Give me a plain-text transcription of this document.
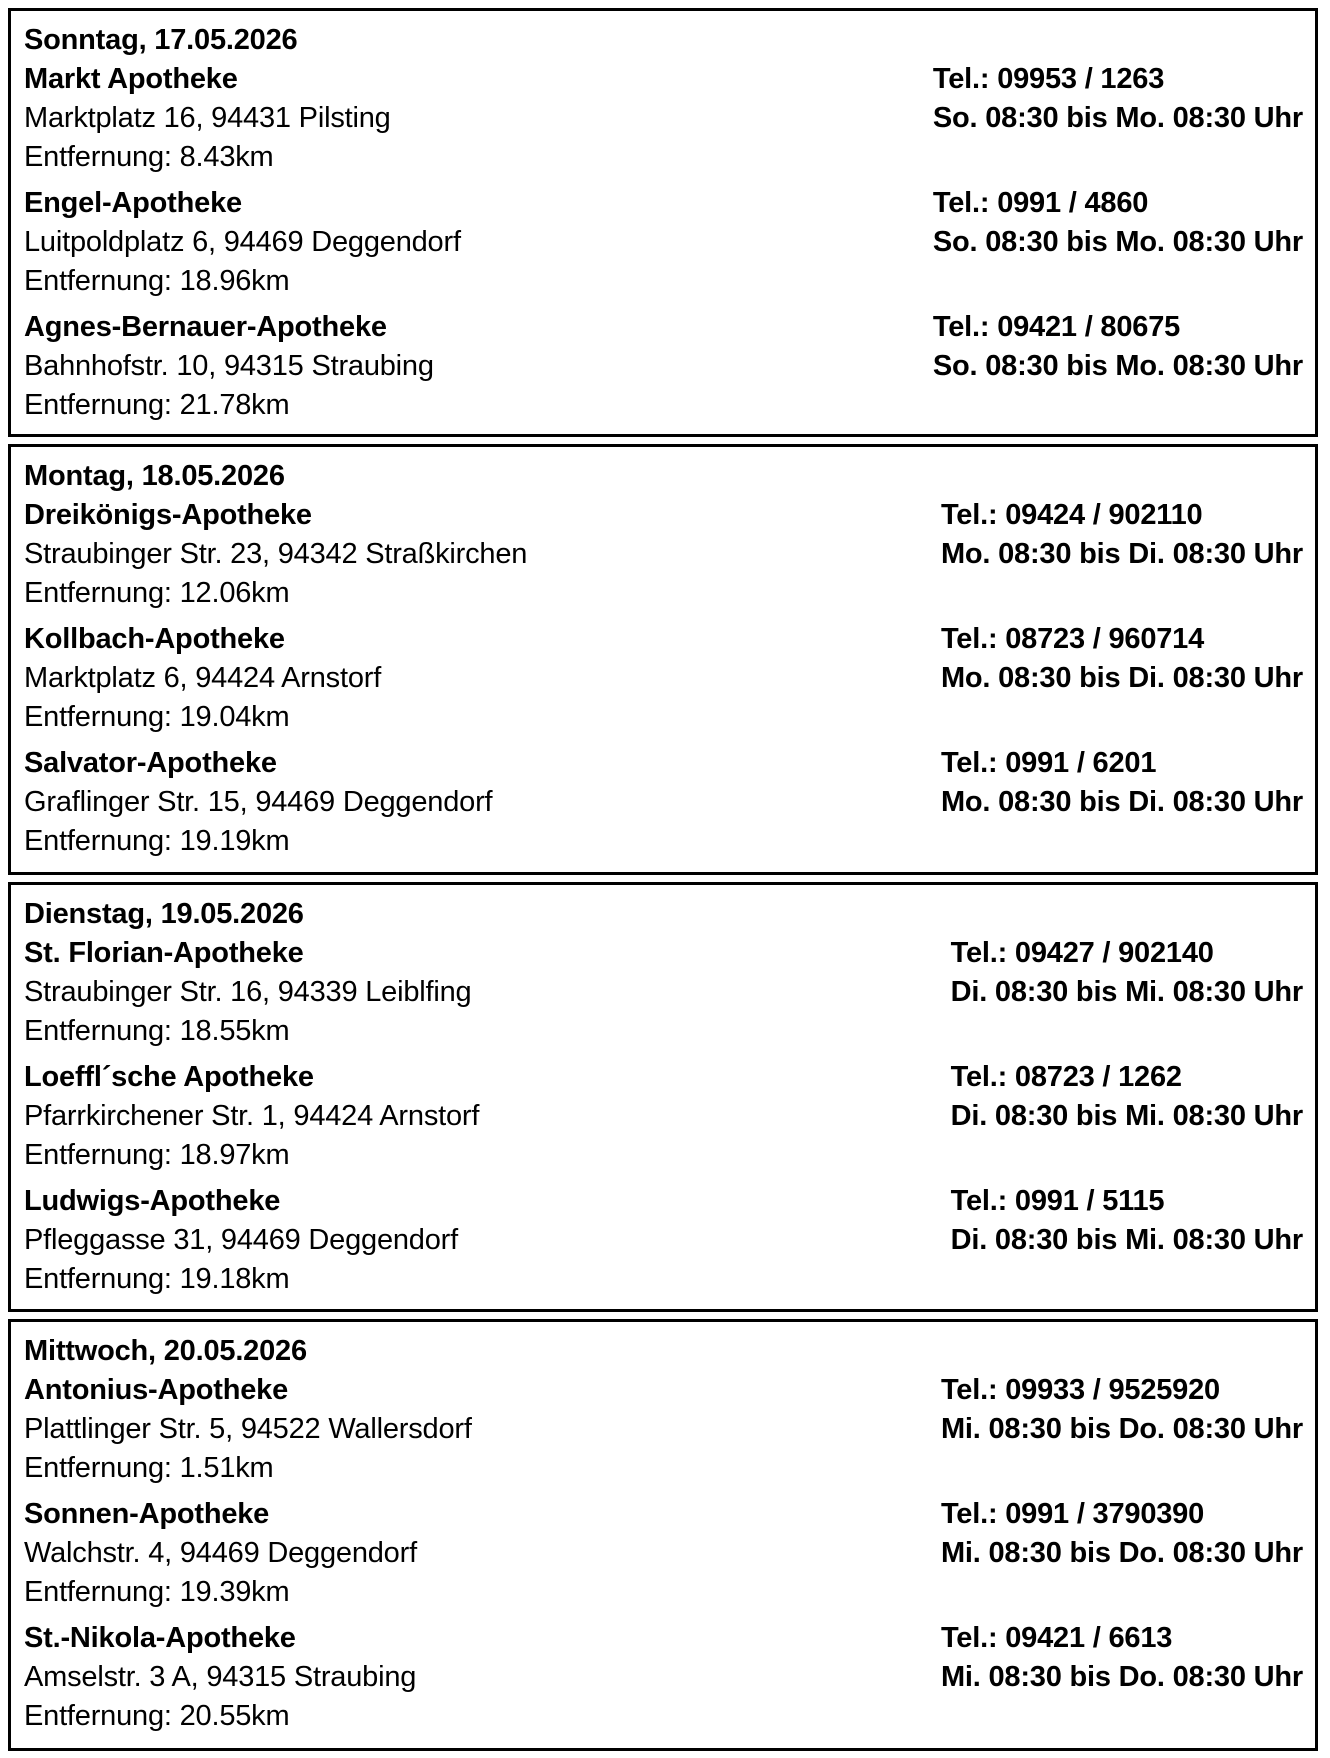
Sonntag, 17.05.2026
Markt Apotheke
Marktplatz 16, 94431 Pilsting
Entfernung: 8.43km
Tel.: 09953 / 1263
So. 08:30 bis Mo. 08:30 Uhr
Engel-Apotheke
Luitpoldplatz 6, 94469 Deggendorf
Entfernung: 18.96km
Tel.: 0991 / 4860
So. 08:30 bis Mo. 08:30 Uhr
Agnes-Bernauer-Apotheke
Bahnhofstr. 10, 94315 Straubing
Entfernung: 21.78km
Tel.: 09421 / 80675
So. 08:30 bis Mo. 08:30 Uhr
Montag, 18.05.2026
Dreikönigs-Apotheke
Straubinger Str. 23, 94342 Straßkirchen
Entfernung: 12.06km
Tel.: 09424 / 902110
Mo. 08:30 bis Di. 08:30 Uhr
Kollbach-Apotheke
Marktplatz 6, 94424 Arnstorf
Entfernung: 19.04km
Tel.: 08723 / 960714
Mo. 08:30 bis Di. 08:30 Uhr
Salvator-Apotheke
Graflinger Str. 15, 94469 Deggendorf
Entfernung: 19.19km
Tel.: 0991 / 6201
Mo. 08:30 bis Di. 08:30 Uhr
Dienstag, 19.05.2026
St. Florian-Apotheke
Straubinger Str. 16, 94339 Leiblfing
Entfernung: 18.55km
Tel.: 09427 / 902140
Di. 08:30 bis Mi. 08:30 Uhr
Loeffl´sche Apotheke
Pfarrkirchener Str. 1, 94424 Arnstorf
Entfernung: 18.97km
Tel.: 08723 / 1262
Di. 08:30 bis Mi. 08:30 Uhr
Ludwigs-Apotheke
Pfleggasse 31, 94469 Deggendorf
Entfernung: 19.18km
Tel.: 0991 / 5115
Di. 08:30 bis Mi. 08:30 Uhr
Mittwoch, 20.05.2026
Antonius-Apotheke
Plattlinger Str. 5, 94522 Wallersdorf
Entfernung: 1.51km
Tel.: 09933 / 9525920
Mi. 08:30 bis Do. 08:30 Uhr
Sonnen-Apotheke
Walchstr. 4, 94469 Deggendorf
Entfernung: 19.39km
Tel.: 0991 / 3790390
Mi. 08:30 bis Do. 08:30 Uhr
St.-Nikola-Apotheke
Amselstr. 3 A, 94315 Straubing
Entfernung: 20.55km
Tel.: 09421 / 6613
Mi. 08:30 bis Do. 08:30 Uhr
